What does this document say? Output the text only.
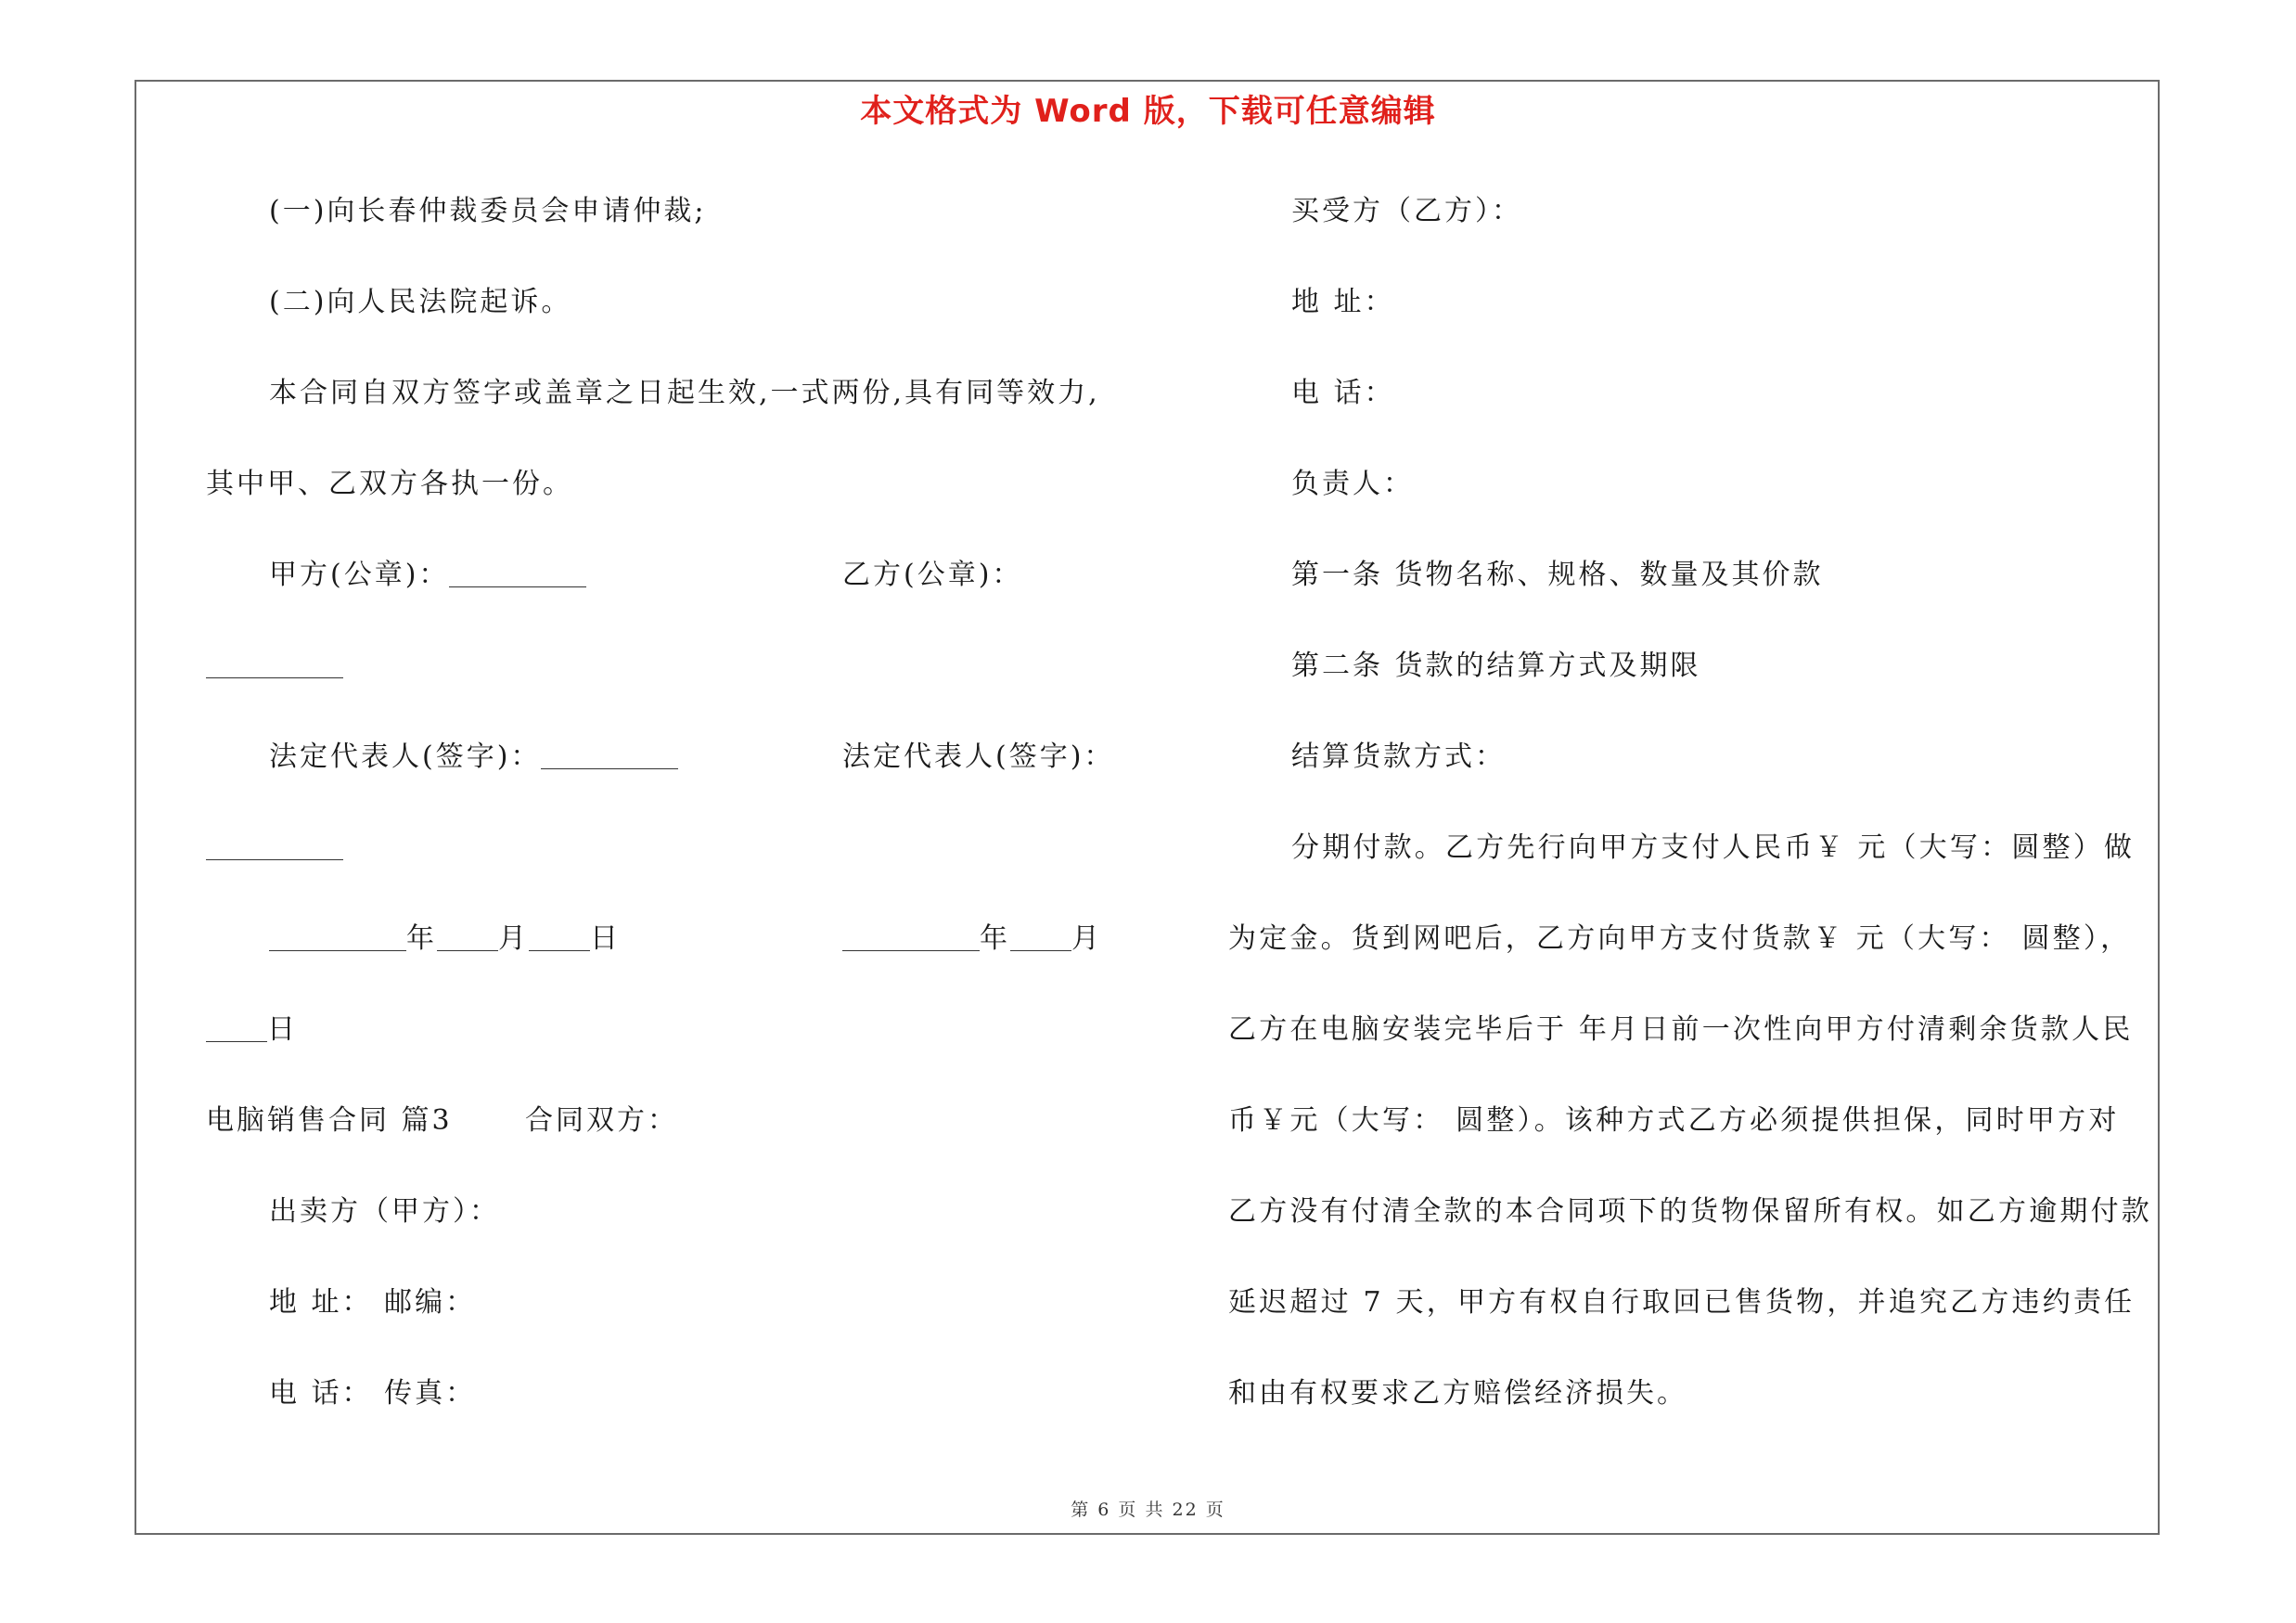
本文格式为 Word 版，下载可任意编辑
(一)向长春仲裁委员会申请仲裁;
(二)向人民法院起诉。
本合同自双方签字或盖章之日起生效,一式两份,具有同等效力,
其中甲、乙双方各执一份。
甲方(公章)：	乙方(公章)：
法定代表人(签字)：	法定代表人(签字)：
年 月 日	年 月
日
电脑销售合同 篇3	合同双方：
出卖方（甲方）：
地 址： 邮编：
电 话： 传真：
买受方（乙方）：
地 址：
电 话：
负责人：
第一条 货物名称、规格、数量及其价款
第二条 货款的结算方式及期限
结算货款方式：
分期付款。乙方先行向甲方支付人民币￥ 元（大写：圆整）做
为定金。货到网吧后，乙方向甲方支付货款￥ 元（大写： 圆整），
乙方在电脑安装完毕后于 年月日前一次性向甲方付清剩余货款人民
币￥元（大写： 圆整）。该种方式乙方必须提供担保，同时甲方对
乙方没有付清全款的本合同项下的货物保留所有权。如乙方逾期付款
延迟超过 7 天，甲方有权自行取回已售货物，并追究乙方违约责任
和由有权要求乙方赔偿经济损失。
第 6 页 共 22 页
